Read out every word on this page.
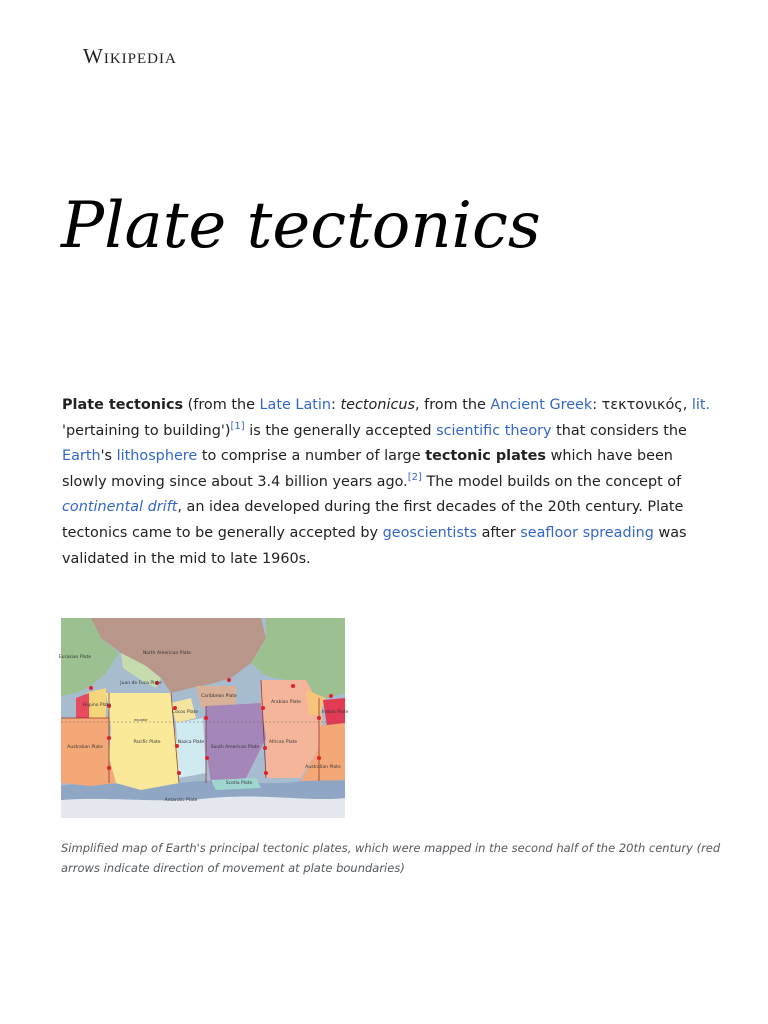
Wikipedia
Plate tectonics

Plate tectonics (from the Late Latin: tectonicus, from the Ancient Greek: τεκτονικός, lit. 'pertaining to building')[1] is the generally accepted scientific theory that considers the Earth's lithosphere to comprise a number of large tectonic plates which have been slowly moving since about 3.4 billion years ago.[2] The model builds on the concept of continental drift, an idea developed during the first decades of the 20th century. Plate tectonics came to be generally accepted by geoscientists after seafloor spreading was validated in the mid to late 1960s.

Eurasian Plate
North American Plate
Juan de Fuca Plate
Filipino Plate
Cocos Plate
Caribbean Plate
Arabian Plate
Indian Plate
Australian Plate
Pacific Plate	Nazca Plate
South American Plate
African Plate
Australian Plate
Scotia Plate
Antarctic Plate
equator
Simplified map of Earth's principal tectonic plates, which were mapped in the second half of the 20th century (red arrows indicate direction of movement at plate boundaries)
